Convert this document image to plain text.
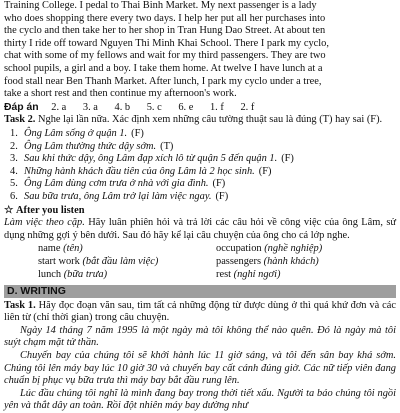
Training College. I pedal to Thai Binh Market. My next passenger is a lady

who does shopping there every two days. I help her put all her purchases into

the cyclo and then take her to her shop in Tran Hung Dao Street. At about ten

thirty I ride off toward Nguyen Thi Minh Khai School. There I park my cyclo,

chat with some of my fellows and wait for my third passengers. They are two

school pupils, a girl and a boy. I take them home. At twelve I have lunch at a

food stall near Ben Thanh Market. After lunch, I park my cyclo under a tree,

take a short rest and then continue my afternoon's work.

Đáp án 2. a 3. a 4. b 5. c 6. e 1. f 2. f

Task 2. Nghe lại lần nữa. Xác định xem những câu tường thuật sau là đúng (T) hay sai (F).

1. Ông Lâm sống ở quận 1. (F)
2. Ông Lâm thường thức dậy sớm. (T)
3. Sau khi thức dậy, ông Lâm đạp xích lô từ quận 5 đến quận 1. (F)
4. Những hành khách đầu tiên của ông Lâm là 2 học sinh. (F)
5. Ông Lâm dùng cơm trưa ở nhà với gia đình. (F)
6. Sau bữa trưa, ông Lâm trở lại làm việc ngay. (F)
☆ After you listen

Làm việc theo cặp. Hãy luân phiên hỏi và trả lời các câu hỏi về công việc của ông Lâm, sử dụng những gợi ý bên dưới. Sau đó hãy kể lại câu chuyện của ông cho cả lớp nghe.

name (tên)	occupation (nghề nghiệp)
start work (bắt đầu làm việc)	passengers (hành khách)
lunch (bữa trưa)	rest (nghỉ ngơi)
D. WRITING

Task 1. Hãy đọc đoạn văn sau, tìm tất cả những động từ được dùng ở thì quá khứ đơn và các liên từ (chỉ thời gian) trong câu chuyện.

Ngày 14 tháng 7 năm 1995 là một ngày mà tôi không thể nào quên. Đó là ngày mà tôi suýt chạm mặt tử thần.

Chuyến bay của chúng tôi sẽ khởi hành lúc 11 giờ sáng, và tôi đến sân bay khá sớm. Chúng tôi lên máy bay lúc 10 giờ 30 và chuyến bay cất cánh đúng giờ. Các nữ tiếp viên đang chuẩn bị phục vụ bữa trưa thì máy bay bắt đầu rung lên.

Lúc đầu chúng tôi nghĩ là mình đang bay trong thời tiết xấu. Người ta báo chúng tôi ngồi yên và thắt dây an toàn. Rồi đột nhiên máy bay dường như
